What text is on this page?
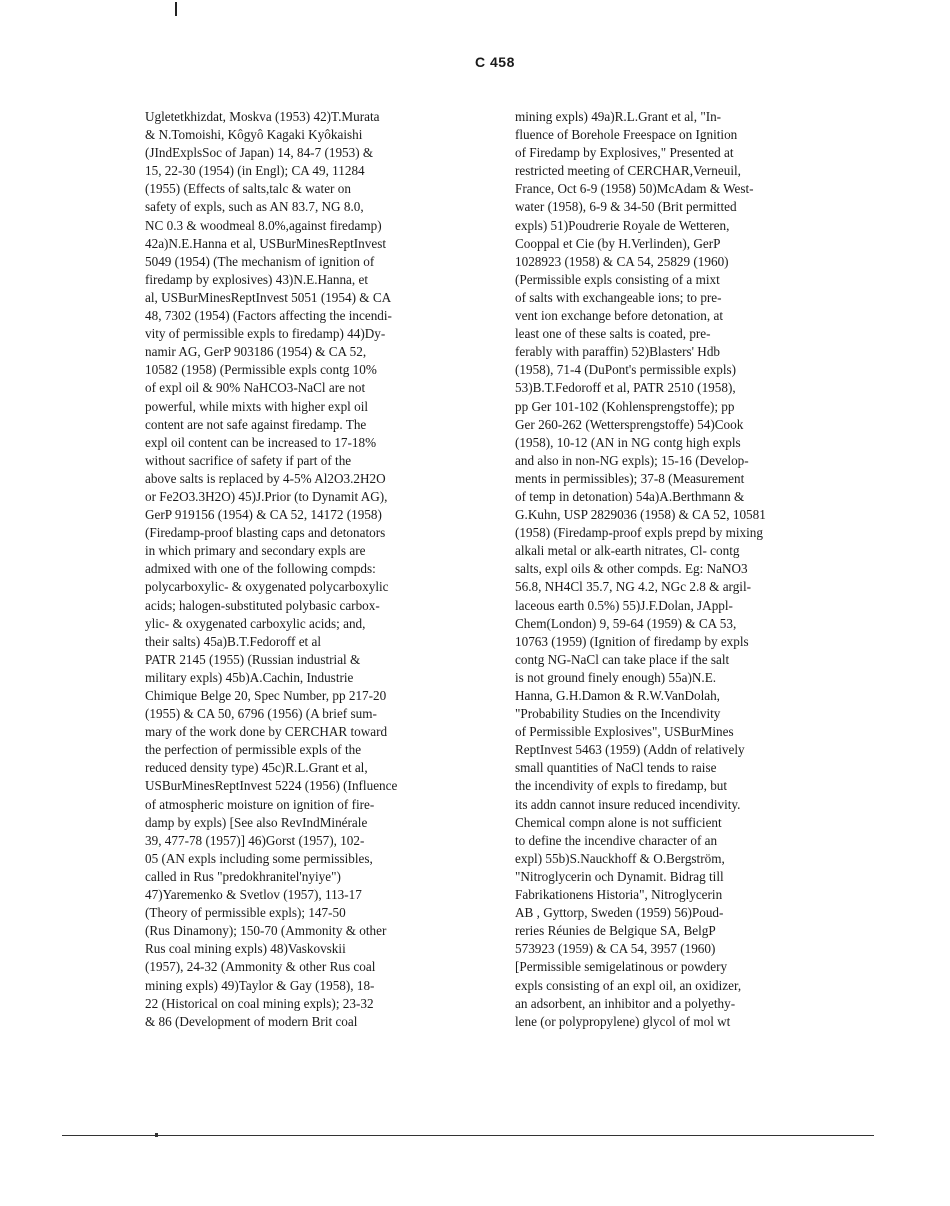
C 458
Ugletetkhizdat, Moskva (1953) 42)T.Murata
& N.Tomoishi, Kôgyô Kagaki Kyôkaishi
(JIndExplsSoc of Japan) 14, 84-7 (1953) &
15, 22-30 (1954) (in Engl); CA 49, 11284
(1955) (Effects of salts,talc & water on
safety of expls, such as AN 83.7, NG 8.0,
NC 0.3 & woodmeal 8.0%,against firedamp)
42a)N.E.Hanna et al, USBurMinesReptInvest
5049 (1954) (The mechanism of ignition of
firedamp by explosives) 43)N.E.Hanna, et
al, USBurMinesReptInvest 5051 (1954) & CA
48, 7302 (1954) (Factors affecting the incendi-
vity of permissible expls to firedamp) 44)Dy-
namir AG, GerP 903186 (1954) & CA 52,
10582 (1958) (Permissible expls contg 10%
of expl oil & 90% NaHCO3-NaCl are not
powerful, while mixts with higher expl oil
content are not safe against firedamp. The
expl oil content can be increased to 17-18%
without sacrifice of safety if part of the
above salts is replaced by 4-5% Al2O3.2H2O
or Fe2O3.3H2O) 45)J.Prior (to Dynamit AG),
GerP 919156 (1954) & CA 52, 14172 (1958)
(Firedamp-proof blasting caps and detonators
in which primary and secondary expls are
admixed with one of the following compds:
polycarboxylic- & oxygenated polycarboxylic
acids; halogen-substituted polybasic carbox-
ylic- & oxygenated carboxylic acids; and,
their salts) 45a)B.T.Fedoroff et al
PATR 2145 (1955) (Russian industrial &
military expls) 45b)A.Cachin, Industrie
Chimique Belge 20, Spec Number, pp 217-20
(1955) & CA 50, 6796 (1956) (A brief sum-
mary of the work done by CERCHAR toward
the perfection of permissible expls of the
reduced density type) 45c)R.L.Grant et al,
USBurMinesReptInvest 5224 (1956) (Influence
of atmospheric moisture on ignition of fire-
damp by expls) [See also RevIndMinérale
39, 477-78 (1957)] 46)Gorst (1957), 102-
05 (AN expls including some permissibles,
called in Rus "predokhranitel'nyiye")
47)Yaremenko & Svetlov (1957), 113-17
(Theory of permissible expls); 147-50
(Rus Dinamony); 150-70 (Ammonity & other
Rus coal mining expls) 48)Vaskovskii
(1957), 24-32 (Ammonity & other Rus coal
mining expls) 49)Taylor & Gay (1958), 18-
22 (Historical on coal mining expls); 23-32
& 86 (Development of modern Brit coal
mining expls) 49a)R.L.Grant et al, "In-
fluence of Borehole Freespace on Ignition
of Firedamp by Explosives," Presented at
restricted meeting of CERCHAR,Verneuil,
France, Oct 6-9 (1958) 50)McAdam & West-
water (1958), 6-9 & 34-50 (Brit permitted
expls) 51)Poudrerie Royale de Wetteren,
Cooppal et Cie (by H.Verlinden), GerP
1028923 (1958) & CA 54, 25829 (1960)
(Permissible expls consisting of a mixt
of salts with exchangeable ions; to pre-
vent ion exchange before detonation, at
least one of these salts is coated, pre-
ferably with paraffin) 52)Blasters' Hdb
(1958), 71-4 (DuPont's permissible expls)
53)B.T.Fedoroff et al, PATR 2510 (1958),
pp Ger 101-102 (Kohlensprengstoffe); pp
Ger 260-262 (Wettersprengstoffe) 54)Cook
(1958), 10-12 (AN in NG contg high expls
and also in non-NG expls); 15-16 (Develop-
ments in permissibles); 37-8 (Measurement
of temp in detonation) 54a)A.Berthmann &
G.Kuhn, USP 2829036 (1958) & CA 52, 10581
(1958) (Firedamp-proof expls prepd by mixing
alkali metal or alk-earth nitrates, Cl- contg
salts, expl oils & other compds. Eg: NaNO3
56.8, NH4Cl 35.7, NG 4.2, NGc 2.8 & argil-
laceous earth 0.5%) 55)J.F.Dolan, JAppl-
Chem(London) 9, 59-64 (1959) & CA 53,
10763 (1959) (Ignition of firedamp by expls
contg NG-NaCl can take place if the salt
is not ground finely enough) 55a)N.E.
Hanna, G.H.Damon & R.W.VanDolah,
"Probability Studies on the Incendivity
of Permissible Explosives", USBurMines
ReptInvest 5463 (1959) (Addn of relatively
small quantities of NaCl tends to raise
the incendivity of expls to firedamp, but
its addn cannot insure reduced incendivity.
Chemical compn alone is not sufficient
to define the incendive character of an
expl) 55b)S.Nauckhoff & O.Bergström,
"Nitroglycerin och Dynamit. Bidrag till
Fabrikationens Historia", Nitroglycerin
AB , Gyttorp, Sweden (1959) 56)Poud-
reries Réunies de Belgique SA, BelgP
573923 (1959) & CA 54, 3957 (1960)
[Permissible semigelatinous or powdery
expls consisting of an expl oil, an oxidizer,
an adsorbent, an inhibitor and a polyethy-
lene (or polypropylene) glycol of mol wt
